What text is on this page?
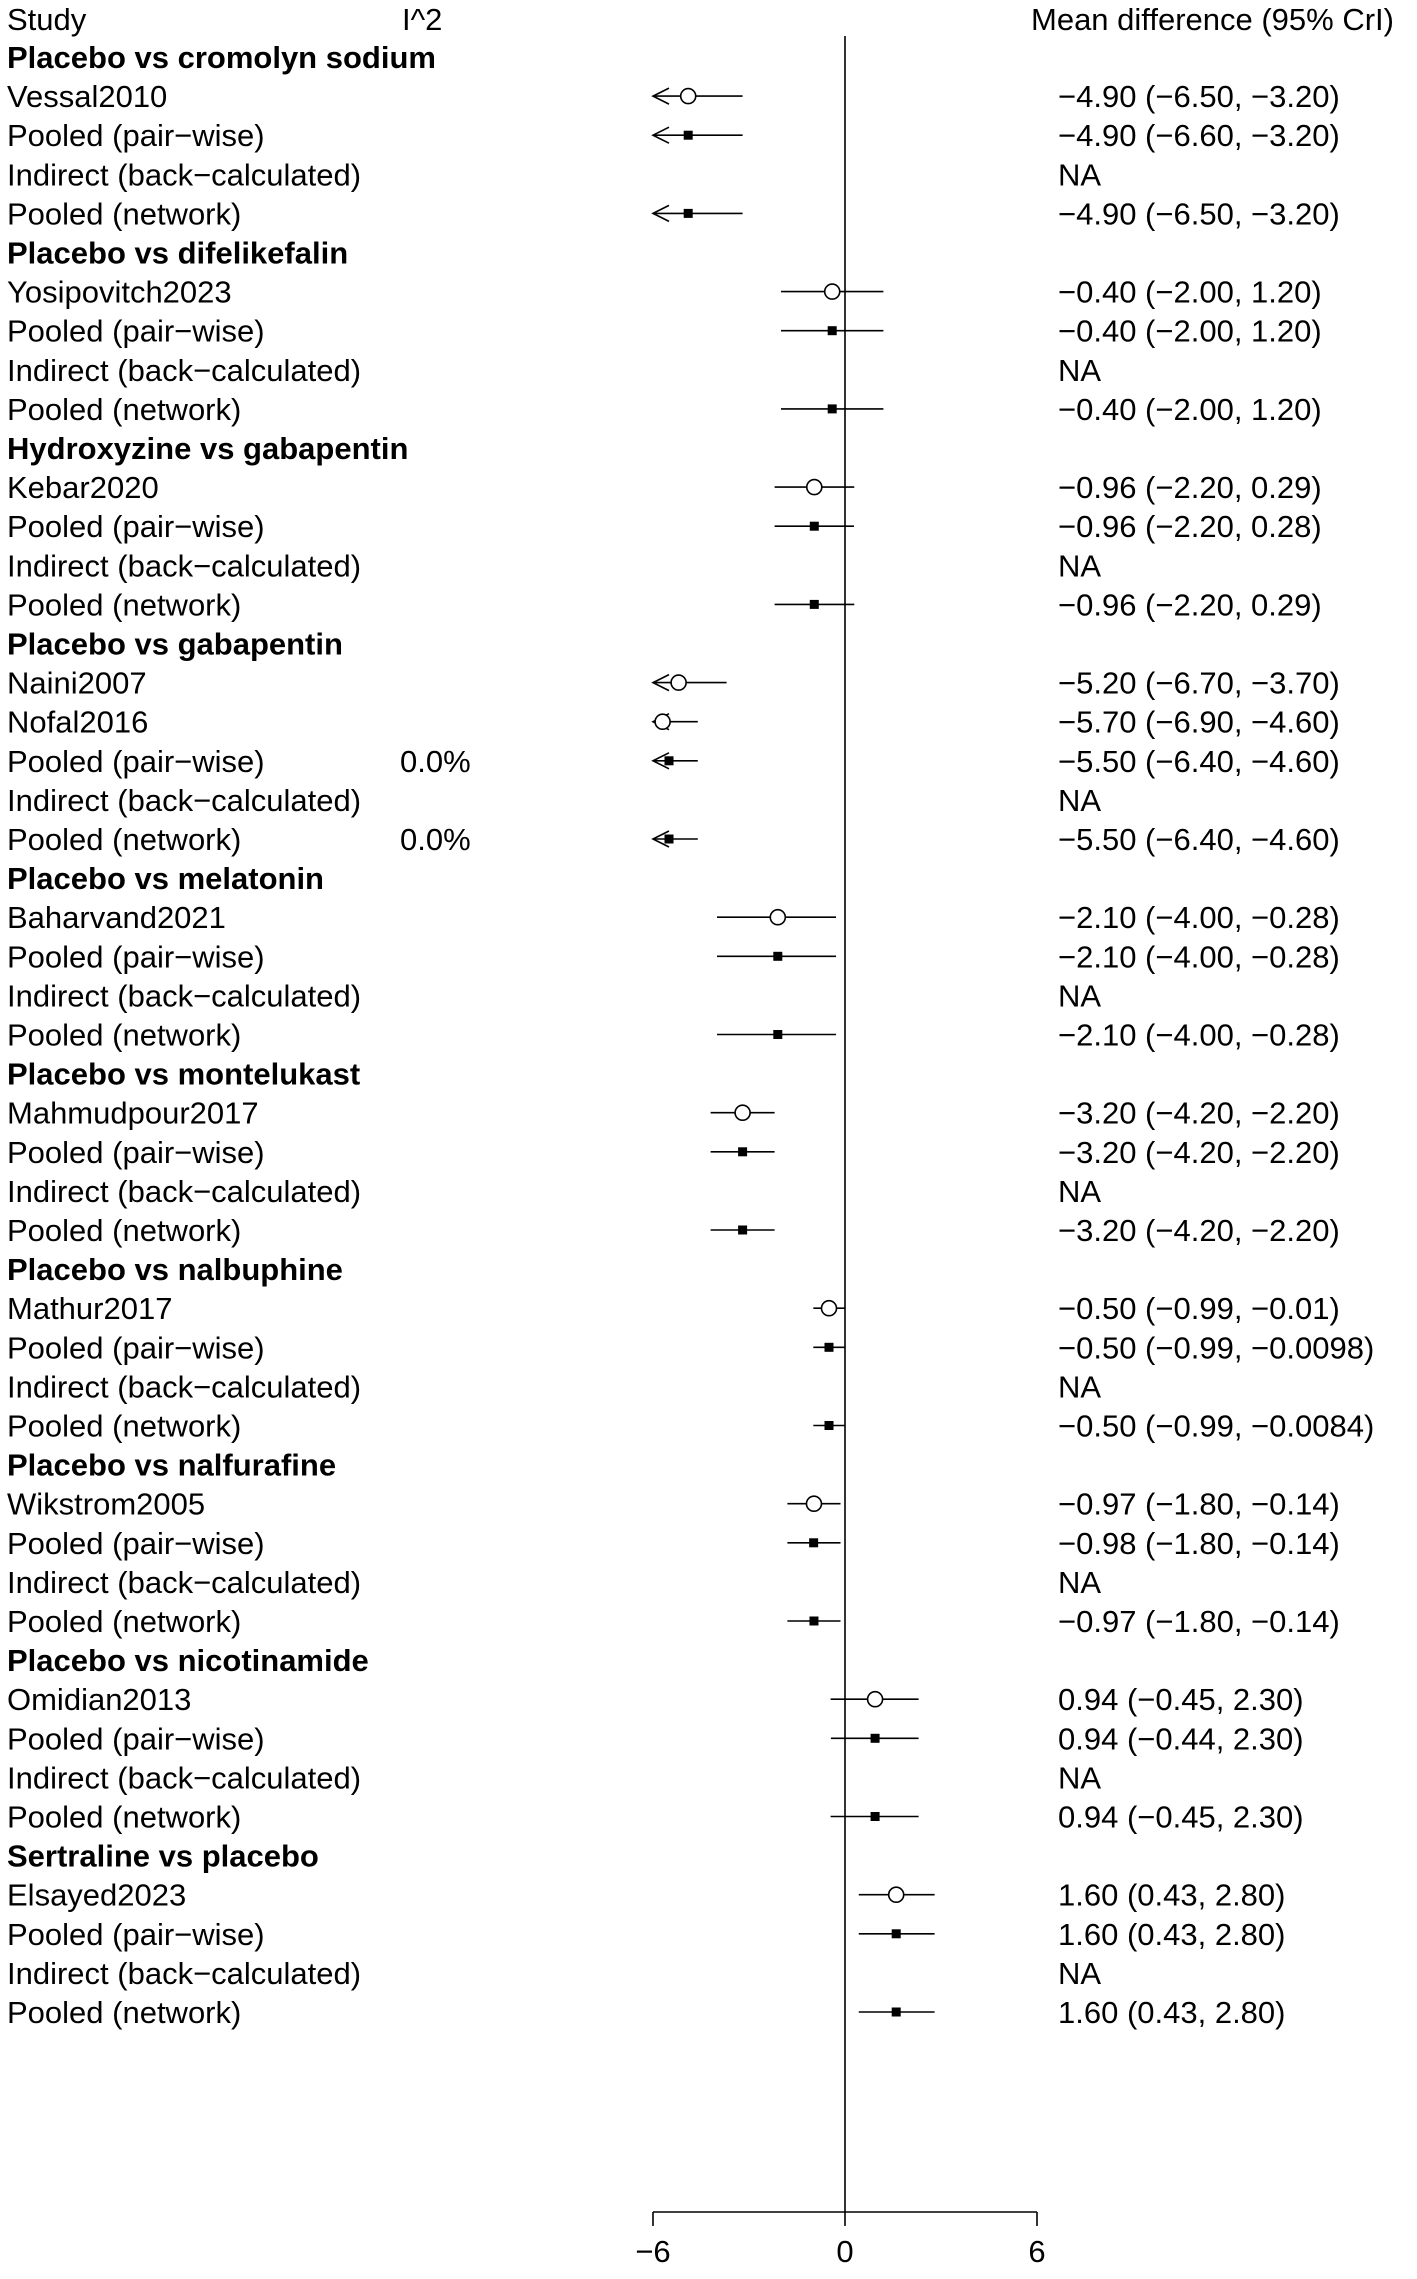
Study	I^2	Mean difference (95% CrI)
Placebo vs cromolyn sodium
Vessal2010	−4.90 (−6.50, −3.20)
Pooled (pair−wise)	−4.90 (−6.60, −3.20)
Indirect (back−calculated)	NA
Pooled (network)	−4.90 (−6.50, −3.20)
Placebo vs difelikefalin
Yosipovitch2023	−0.40 (−2.00, 1.20)
Pooled (pair−wise)	−0.40 (−2.00, 1.20)
Indirect (back−calculated)	NA
Pooled (network)	−0.40 (−2.00, 1.20)
Hydroxyzine vs gabapentin
Kebar2020	−0.96 (−2.20, 0.29)
Pooled (pair−wise)	−0.96 (−2.20, 0.28)
Indirect (back−calculated)	NA
Pooled (network)	−0.96 (−2.20, 0.29)
Placebo vs gabapentin
Naini2007	−5.20 (−6.70, −3.70)
Nofal2016	−5.70 (−6.90, −4.60)
Pooled (pair−wise)	0.0%	−5.50 (−6.40, −4.60)
Indirect (back−calculated)	NA
Pooled (network)	0.0%	−5.50 (−6.40, −4.60)
Placebo vs melatonin
Baharvand2021	−2.10 (−4.00, −0.28)
Pooled (pair−wise)	−2.10 (−4.00, −0.28)
Indirect (back−calculated)	NA
Pooled (network)	−2.10 (−4.00, −0.28)
Placebo vs montelukast
Mahmudpour2017	−3.20 (−4.20, −2.20)
Pooled (pair−wise)	−3.20 (−4.20, −2.20)
Indirect (back−calculated)	NA
Pooled (network)	−3.20 (−4.20, −2.20)
Placebo vs nalbuphine
Mathur2017	−0.50 (−0.99, −0.01)
Pooled (pair−wise)	−0.50 (−0.99, −0.0098)
Indirect (back−calculated)	NA
Pooled (network)	−0.50 (−0.99, −0.0084)
Placebo vs nalfurafine
Wikstrom2005	−0.97 (−1.80, −0.14)
Pooled (pair−wise)	−0.98 (−1.80, −0.14)
Indirect (back−calculated)	NA
Pooled (network)	−0.97 (−1.80, −0.14)
Placebo vs nicotinamide
Omidian2013	0.94 (−0.45, 2.30)
Pooled (pair−wise)	0.94 (−0.44, 2.30)
Indirect (back−calculated)	NA
Pooled (network)	0.94 (−0.45, 2.30)
Sertraline vs placebo
Elsayed2023	1.60 (0.43, 2.80)
Pooled (pair−wise)	1.60 (0.43, 2.80)
Indirect (back−calculated)	NA
Pooled (network)	1.60 (0.43, 2.80)
−6	0	6
